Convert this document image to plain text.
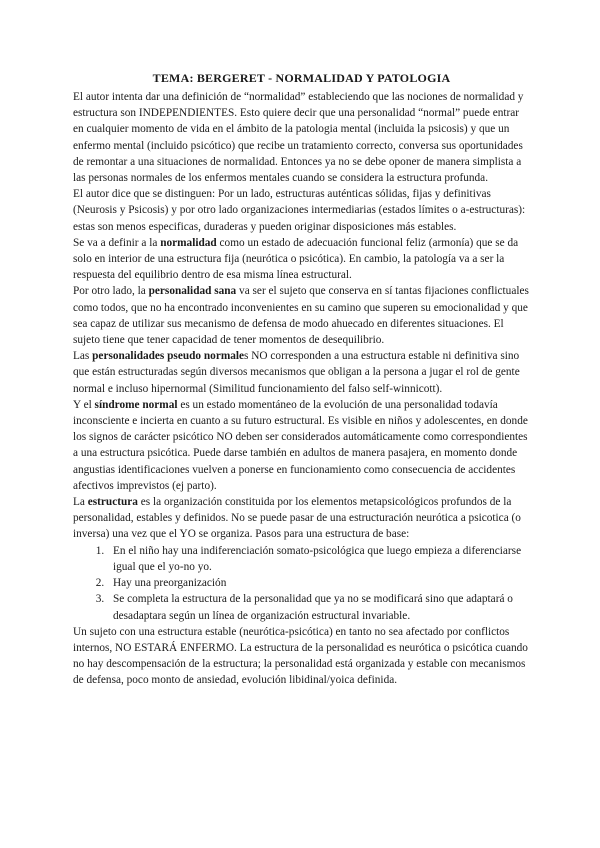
TEMA: BERGERET - NORMALIDAD Y PATOLOGIA

El autor intenta dar una definición de “normalidad” estableciendo que las nociones de normalidad y estructura son INDEPENDIENTES. Esto quiere decir que una personalidad “normal” puede entrar en cualquier momento de vida en el ámbito de la patologia mental (incluida la psicosis) y que un enfermo mental (incluido psicótico) que recibe un tratamiento correcto, conversa sus oportunidades de remontar a una situaciones de normalidad. Entonces ya no se debe oponer de manera simplista a las personas normales de los enfermos mentales cuando se considera la estructura profunda.

El autor dice que se distinguen: Por un lado, estructuras auténticas sólidas, fijas y definitivas (Neurosis y Psicosis) y por otro lado organizaciones intermediarias (estados límites o a-estructuras): estas son menos especificas, duraderas y pueden originar disposiciones más estables.

Se va a definir a la normalidad como un estado de adecuación funcional feliz (armonía) que se da solo en interior de una estructura fija (neurótica o psicótica). En cambio, la patología va a ser la respuesta del equilibrio dentro de esa misma línea estructural.

Por otro lado, la personalidad sana va ser el sujeto que conserva en sí tantas fijaciones conflictuales como todos, que no ha encontrado inconvenientes en su camino que superen su emocionalidad y que sea capaz de utilizar sus mecanismo de defensa de modo ahuecado en diferentes situaciones. El sujeto tiene que tener capacidad de tener momentos de desequilibrio.

Las personalidades pseudo normales NO corresponden a una estructura estable ni definitiva sino que están estructuradas según diversos mecanismos que obligan a la persona a jugar el rol de gente normal e incluso hipernormal (Similitud funcionamiento del falso self-winnicott).

Y el síndrome normal es un estado momentáneo de la evolución de una personalidad todavía inconsciente e incierta en cuanto a su futuro estructural. Es visible en niños y adolescentes, en donde los signos de carácter psicótico NO deben ser considerados automáticamente como correspondientes a una estructura psicótica. Puede darse también en adultos de manera pasajera, en momento donde angustias identificaciones vuelven a ponerse en funcionamiento como consecuencia de accidentes afectivos imprevistos (ej parto).

La estructura es la organización constituida por los elementos metapsicológicos profundos de la personalidad, estables y definidos. No se puede pasar de una estructuración neurótica a psicotica (o inversa) una vez que el YO se organiza. Pasos para una estructura de base:

1. En el niño hay una indiferenciación somato-psicológica que luego empieza a diferenciarse igual que el yo-no yo.
2. Hay una preorganización
3. Se completa la estructura de la personalidad que ya no se modificará sino que adaptará o desadaptara según un línea de organización estructural invariable.

Un sujeto con una estructura estable (neurótica-psicótica) en tanto no sea afectado por conflictos internos, NO ESTARÁ ENFERMO. La estructura de la personalidad es neurótica o psicótica cuando no hay descompensación de la estructura; la personalidad está organizada y estable con mecanismos de defensa, poco monto de ansiedad, evolución libidinal/yoica definida.
